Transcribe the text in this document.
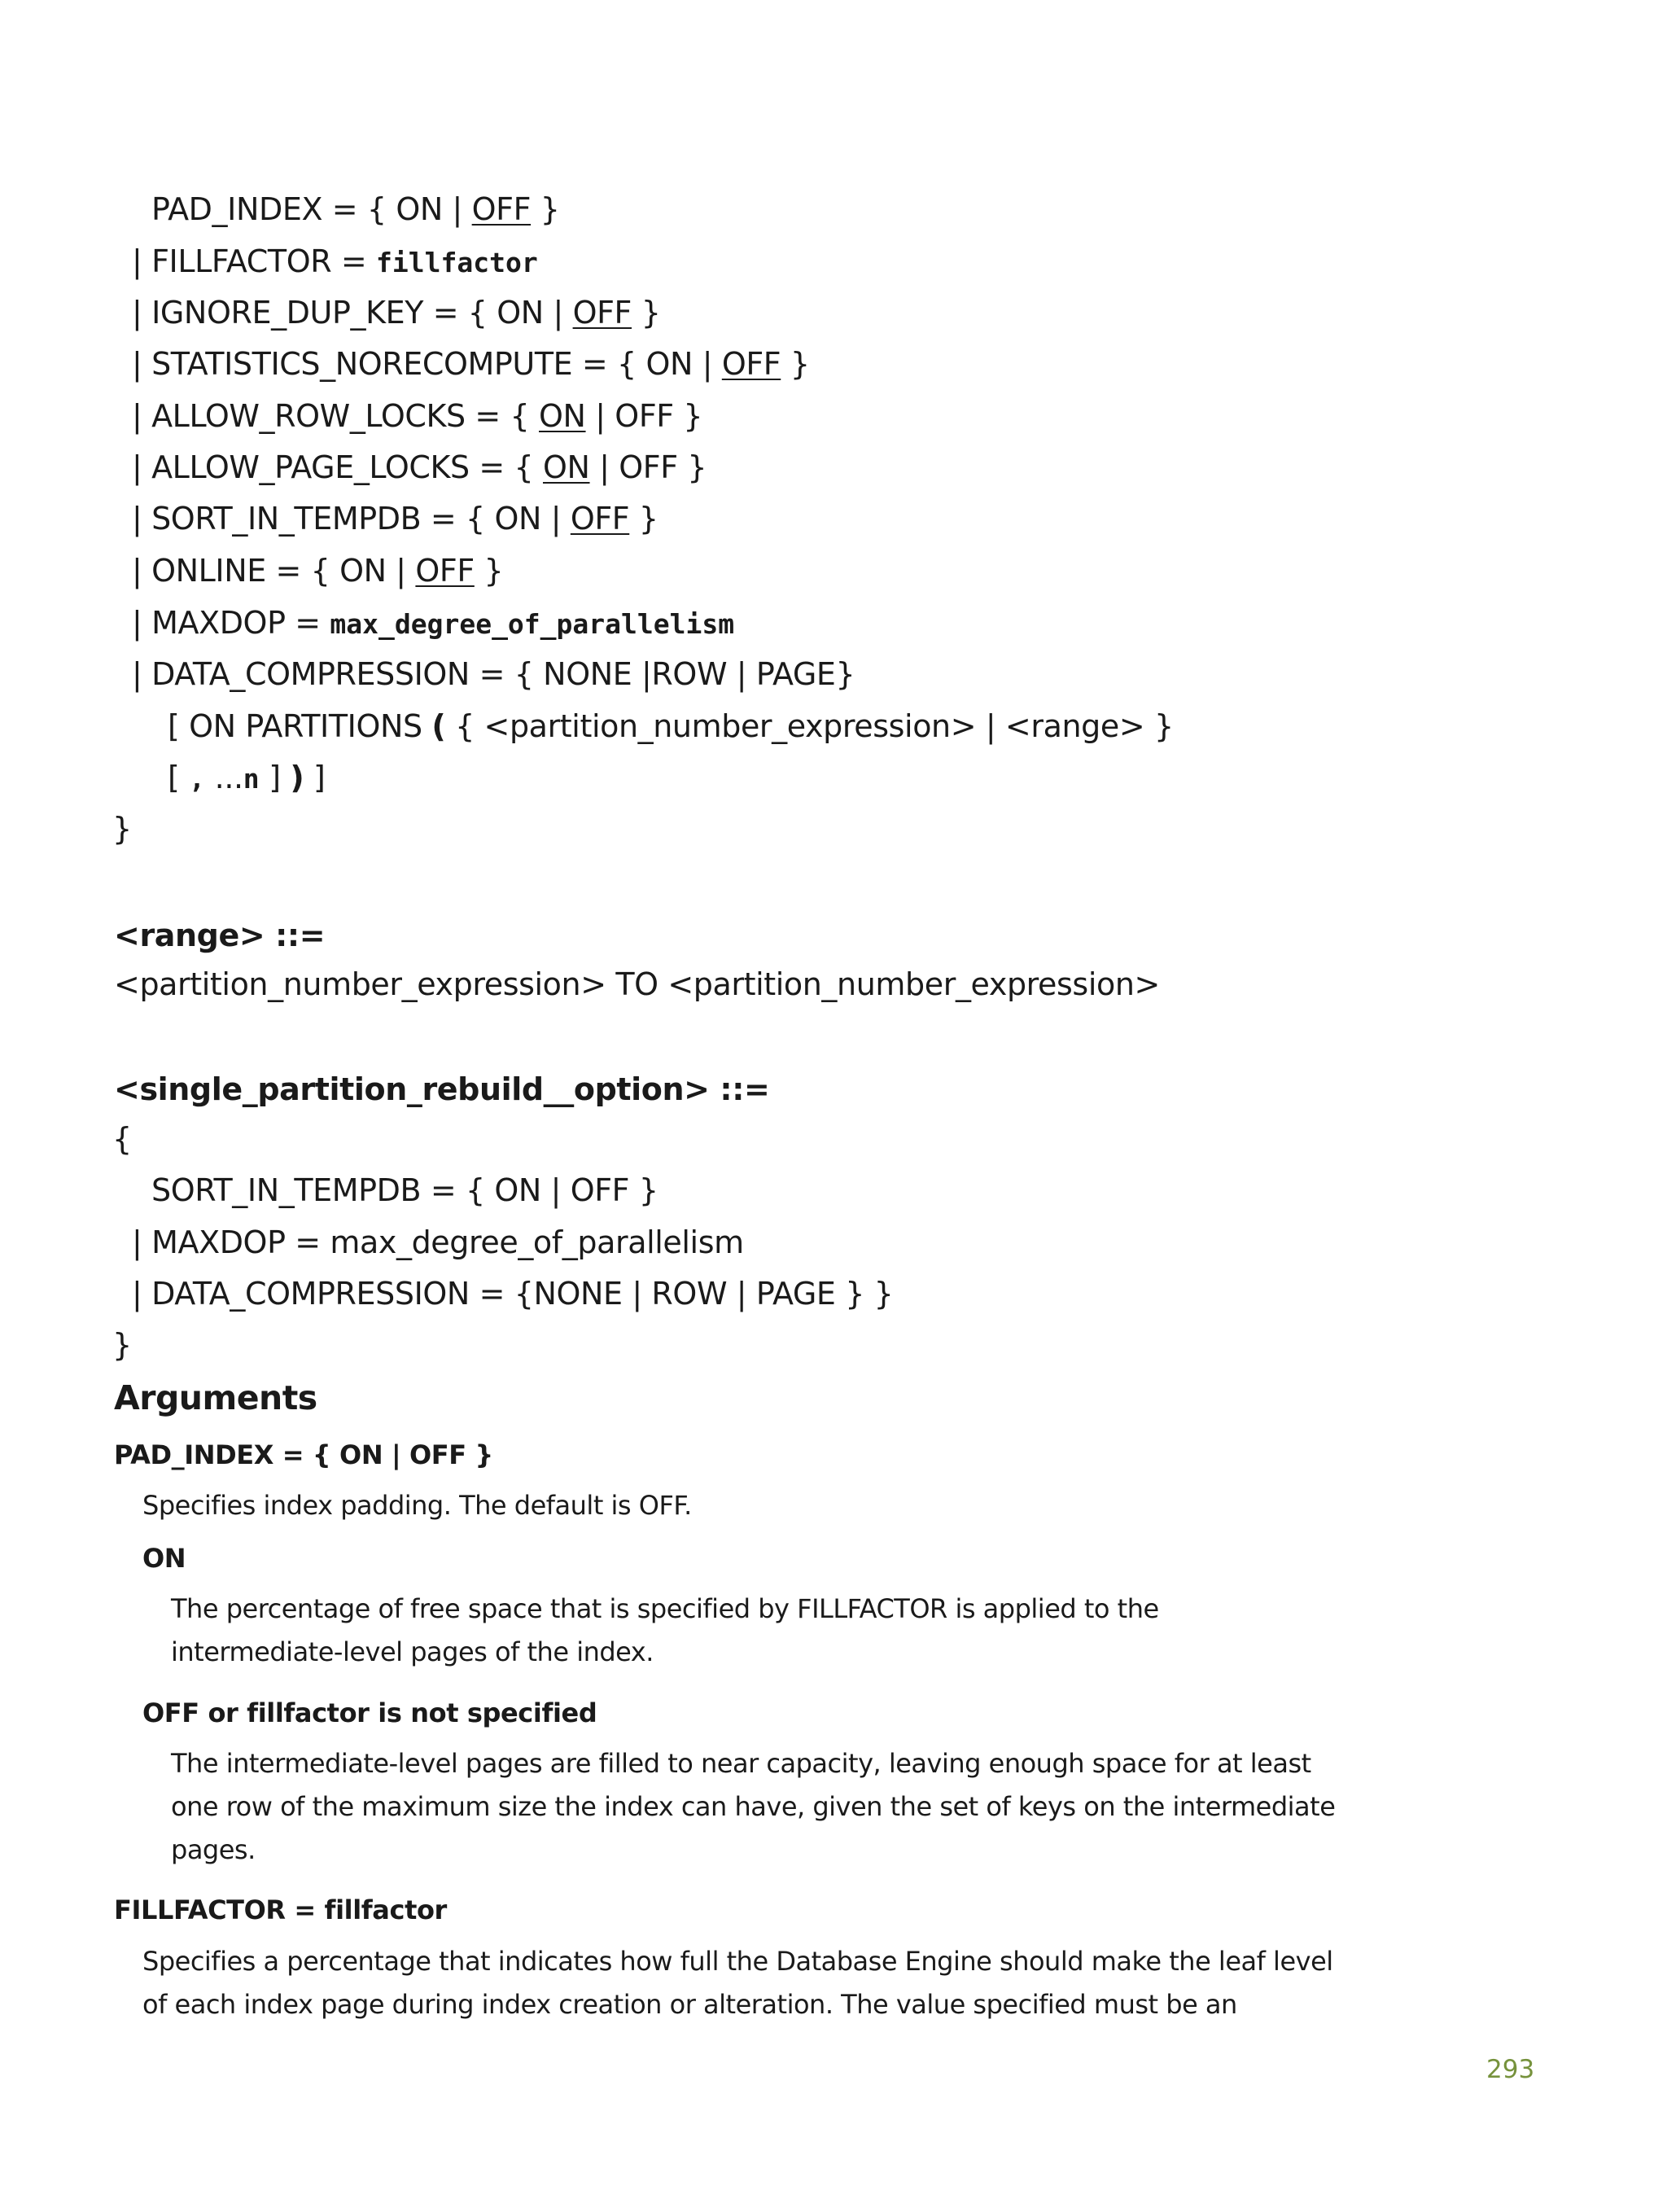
PAD_INDEX = { ON | OFF }
| FILLFACTOR = fillfactor
| IGNORE_DUP_KEY = { ON | OFF }
| STATISTICS_NORECOMPUTE = { ON | OFF }
| ALLOW_ROW_LOCKS = { ON | OFF }
| ALLOW_PAGE_LOCKS = { ON | OFF }
| SORT_IN_TEMPDB = { ON | OFF }
| ONLINE = { ON | OFF }
| MAXDOP = max_degree_of_parallelism
| DATA_COMPRESSION = { NONE |ROW | PAGE}
[ ON PARTITIONS ( { <partition_number_expression> | <range> }
[ , ...n ] ) ]
}
<range> ::=
<partition_number_expression> TO <partition_number_expression>
<single_partition_rebuild__option> ::=
{
SORT_IN_TEMPDB = { ON | OFF }
| MAXDOP = max_degree_of_parallelism
| DATA_COMPRESSION = {NONE | ROW | PAGE } }
}
Arguments
PAD_INDEX = { ON | OFF }
Specifies index padding. The default is OFF.
ON
The percentage of free space that is specified by FILLFACTOR is applied to the
intermediate-level pages of the index.
OFF or fillfactor is not specified
The intermediate-level pages are filled to near capacity, leaving enough space for at least
one row of the maximum size the index can have, given the set of keys on the intermediate
pages.
FILLFACTOR = fillfactor
Specifies a percentage that indicates how full the Database Engine should make the leaf level
of each index page during index creation or alteration. The value specified must be an
293
